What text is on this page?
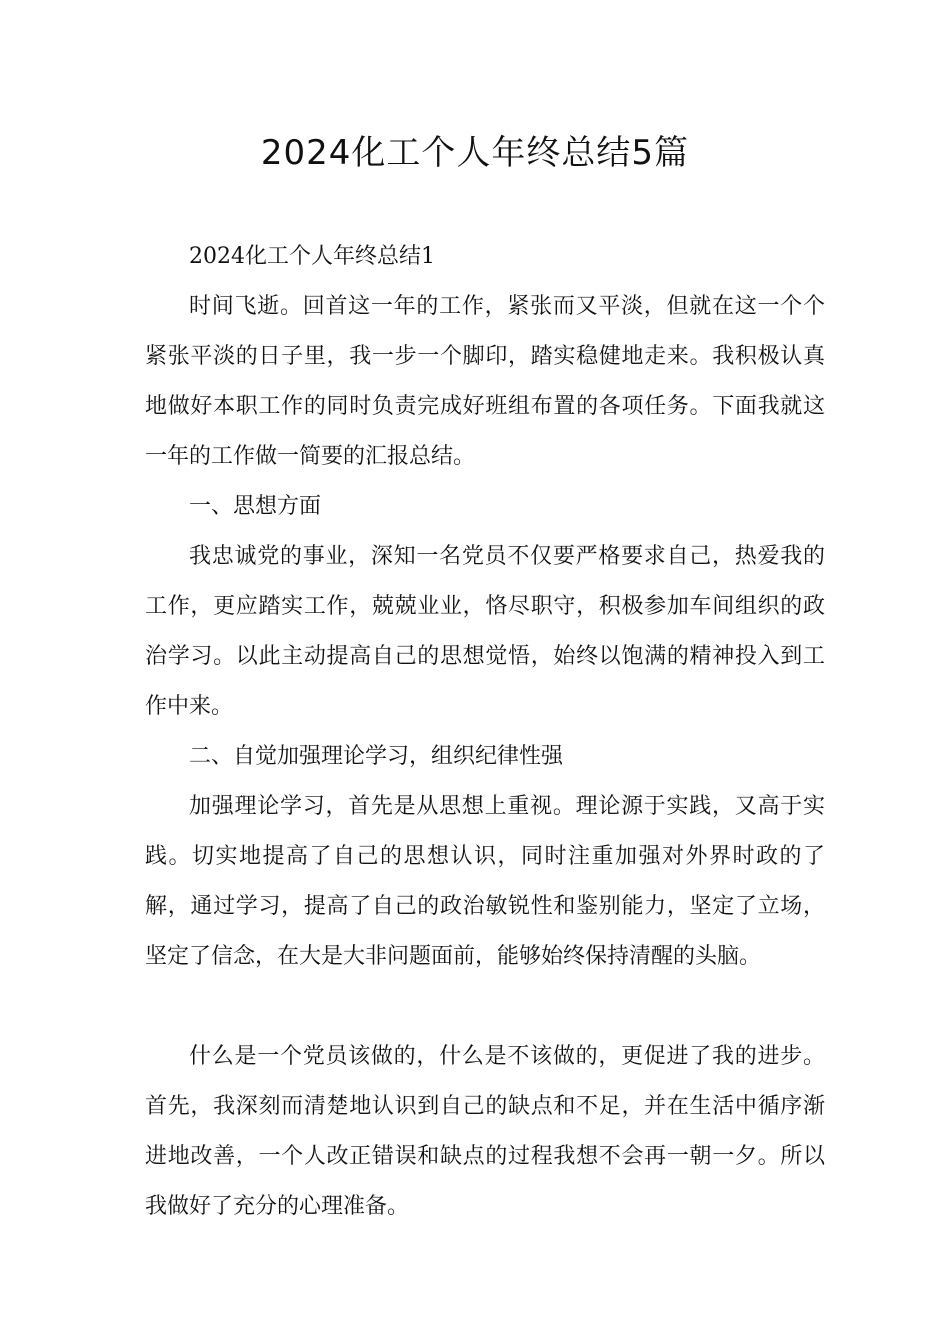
2024化工个人年终总结5篇

2024化工个人年终总结1

时间飞逝。回首这一年的工作，紧张而又平淡，但就在这一个个紧张平淡的日子里，我一步一个脚印，踏实稳健地走来。我积极认真地做好本职工作的同时负责完成好班组布置的各项任务。下面我就这一年的工作做一简要的汇报总结。

一、思想方面

我忠诚党的事业，深知一名党员不仅要严格要求自己，热爱我的工作，更应踏实工作，兢兢业业，恪尽职守，积极参加车间组织的政治学习。以此主动提高自己的思想觉悟，始终以饱满的精神投入到工作中来。

二、自觉加强理论学习，组织纪律性强

加强理论学习，首先是从思想上重视。理论源于实践，又高于实践。切实地提高了自己的思想认识，同时注重加强对外界时政的了解，通过学习，提高了自己的政治敏锐性和鉴别能力，坚定了立场，坚定了信念，在大是大非问题面前，能够始终保持清醒的头脑。

什么是一个党员该做的，什么是不该做的，更促进了我的进步。首先，我深刻而清楚地认识到自己的缺点和不足，并在生活中循序渐进地改善，一个人改正错误和缺点的过程我想不会再一朝一夕。所以我做好了充分的心理准备。
